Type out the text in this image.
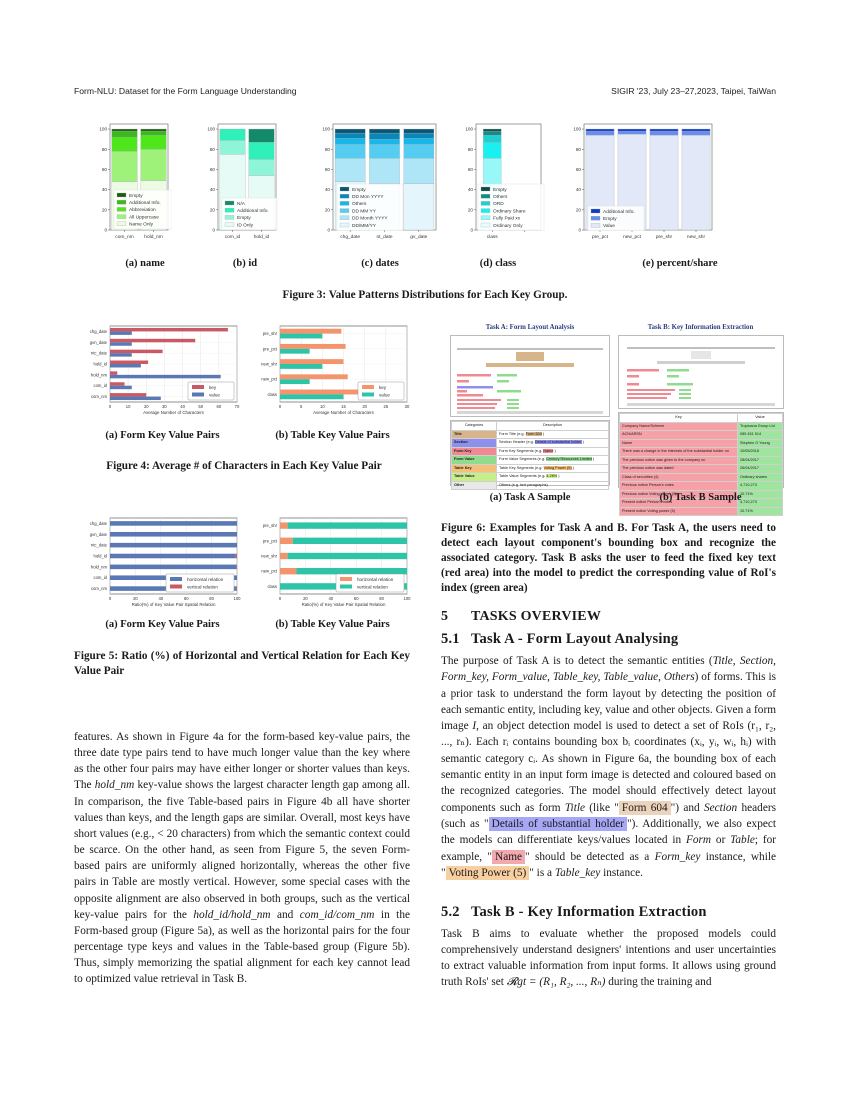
Form-NLU: Dataset for the Form Language Understanding	SIGIR '23, July 23–27,2023, Taipei, TaiWan
0
20
40
60
80
100
com_nm hold_nm
Empty
Additional Info.
Abbreviation
All Uppercase
Name Only
0
20
40
60
80
100
com_id	hold_id
N/A
Additional Info.
Empty
ID Only
0
20
40
60
80
100
chg_date	nt_date	gv_date
Empty
DD Mon YYYY
Others
DD MM YY
DD Month YYYY
DD/MM/YY
0
20
40
60
80
100
class
Empty
Others
ORD
Ordinary Share
Fully Paid xx
Ordinary Only
0
20
40
60
80
100
pre_pct	new_pct	pre_shr	new_shr
Additional Info.
Empty
Value
(a) name	(b) id	(c) dates	(d) class	(e) percent/share
Figure 3: Value Patterns Distributions for Each Key Group.
0	10	20	30	40	50	60	70
Average Number of Characters
chg_date
gvn_date
ntc_date
hold_id
hold_nm
com_id
com_nm
key
value
0	5	10	15	20	25	30
Average Number of Characters
pre_shr
pre_pct
new_shr
new_pct
class
key
value
(a) Form Key Value Pairs	(b) Table Key Value Pairs
Figure 4: Average # of Characters in Each Key Value Pair
0	20	40	60	80	100
Ratio(%) of Key Value Pair Spatial Relation
chg_date
gvn_date
ntc_date
hold_id
hold_nm
com_id
com_nm
horizontal relation
vertical relation
0	20	40	60	80	100
Ratio(%) of Key Value Pair Spatial Relation
pre_shr
pre_pct
new_shr
new_pct
class
horizontal relation
vertical relation
(a) Form Key Value Pairs	(b) Table Key Value Pairs
Figure 5: Ratio (%) of Horizontal and Vertical Relation for Each Key Value Pair
Task A: Form Layout Analysis
Categories	Description
Title	Form Title (e.g. Form 604 )
Section	Section Header (e.g. Details of substantial holder )
Form Key	Form Key Segments (e.g. Name )
Form Value	Form Value Segments (e.g. Century Resources Limited )
Table Key	Table Key Segments (e.g. Voting Power (5) )
Table Value	Table Value Segments (e.g. 4.26% )
Other	Others (e.g. text paragraphs)
(a) Task A Sample
Task B: Key Information Extraction
Key	Value
Company Name/Scheme	Tropicana Group Ltd
ACN/ARSN	085 451 514
Name	Stephen G Young
There was a change in the interests of the substantial holder on	10/05/2018
The previous notice was given to the company on	28/04/2017
The previous notice was dated	26/04/2017
Class of securities (4)	Ordinary shares
Previous notice Person's votes	4,710,273
Previous notice Voting power (5)	10.71%
Present notice Person's votes	4,710,273
Present notice Voting power (5)	10.71%
(b) Task B Sample
Figure 6: Examples for Task A and B. For Task A, the users need to detect each layout component's bounding box and recognize the associated category. Task B asks the user to feed the fixed key text (red area) into the model to predict the corresponding value of RoI's index (green area)

features. As shown in Figure 4a for the form-based key-value pairs, the three date type pairs tend to have much longer value than the key where as the other four pairs may have either longer or shorter values than keys. The hold_nm key-value shows the largest character length gap among all. In comparison, the five Table-based pairs in Figure 4b all have shorter values than keys, and the length gaps are similar. Overall, most keys have short values (e.g., < 20 characters) from which the semantic context could be scarce. On the other hand, as seen from Figure 5, the seven Form-based pairs are uniformly aligned horizontally, whereas the other five pairs in Table are mostly vertical. However, some special cases with the opposite alignment are also observed in both groups, such as the vertical key-value pairs for the hold_id/hold_nm and com_id/com_nm in the Form-based group (Figure 5a), as well as the horizontal pairs for the four percentage type keys and values in the Table-based group (Figure 5b). Thus, simply memorizing the spatial alignment for each key cannot lead to optimized value retrieval in Task B.

5 TASKS OVERVIEW
5.1 Task A - Form Layout Analysing

The purpose of Task A is to detect the semantic entities (Title, Section, Form_key, Form_value, Table_key, Table_value, Others) of forms. This is a prior task to understand the form layout by detecting the position of each semantic entity, including key, value and other objects. Given a form image I, an object detection model is used to detect a set of RoIs (r₁, r₂, ..., rₙ). Each rᵢ contains bounding box bᵢ coordinates (xᵢ, yᵢ, wᵢ, hᵢ) with semantic category cᵢ. As shown in Figure 6a, the bounding box of each semantic entity in an input form image is detected and coloured based on the recognized categories. The model should effectively detect layout components such as form Title (like " Form 604 ") and Section headers (such as " Details of substantial holder "). Additionally, we also expect the models can differentiate keys/values located in Form or Table; for example, " Name " should be detected as a Form_key instance, while " Voting Power (5) " is a Table_key instance.

5.2 Task B - Key Information Extraction

Task B aims to evaluate whether the proposed models could comprehensively understand designers' intentions and user uncertainties to extract valuable information from input forms. It allows using ground truth RoIs' set 𝓡gt = (R₁, R₂, ..., Rₙ) during the training and
